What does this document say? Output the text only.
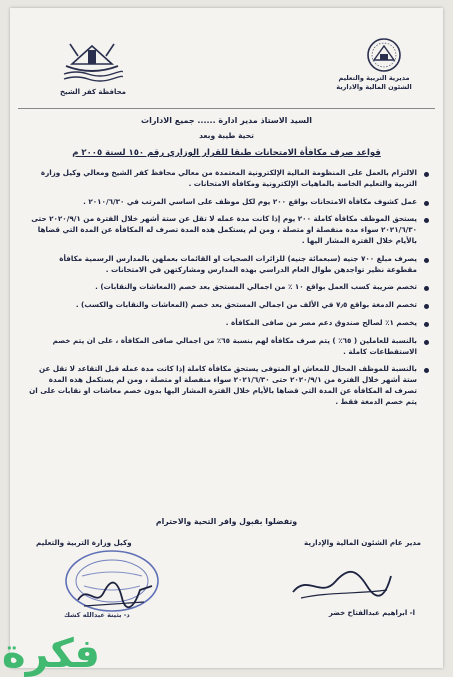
محافظة كفر الشيخ
مديرية التربية والتعليم
الشئون المالية والادارية
السيد الاستاذ مدير ادارة ...... جميع الادارات
تحية طيبة وبعد
قواعد صرف مكافأة الامتحانات طبقا للقرار الوزاري رقم ١٥٠ لسنة ٢٠٠٥ م
الالتزام بالعمل على المنظومة المالية الإلكترونية المعتمدة من معالي محافظ كفر الشيخ ومعالي وكيل وزارة التربية والتعليم الخاصة بالماهيات الإلكترونية ومكافأة الامتحانات .
عمل كشوف مكافأة الامتحانات بواقع ٢٠٠ يوم لكل موظف على اساسي المرتب في ٢٠١٠/٦/٣٠ .
يستحق الموظف مكافأة كاملة ٢٠٠ يوم إذا كانت مدة عمله لا تقل عن ستة أشهر خلال الفترة من ٢٠٢٠/٩/١ حتى ٢٠٢١/٦/٣٠ سواء مدة منفصلة او متصلة ، ومن لم يستكمل هذه المدة تصرف له المكافأة عن المدة التي قضاها بالأيام خلال الفترة المشار اليها .
يصرف مبلغ ٧٠٠ جنيه (سبعمائة جنيه) للزائرات الصحيات او القائمات بعملهن بالمدارس الرسمية مكافأة مقطوعة نظير تواجدهن طوال العام الدراسي بهذه المدارس ومشاركتهن في الامتحانات .
تخصم ضريبة كسب العمل بواقع ١٠ ٪ من اجمالي المستحق بعد خصم (المعاشات والنقابات) .
تخصم الدمغة بواقع ٧٫٥ في الألف من اجمالي المستحق بعد خصم (المعاشات والنقابات والكسب) .
يخصم ١٪ لصالح صندوق دعم مصر من صافى المكافأة .
بالنسبة للعاملين ( ٦٥٪ ) يتم صرف مكافأة لهم بنسبة ٦٥٪ من اجمالي صافى المكافأة ، على ان يتم خصم الاستقطاعات كاملة .
بالنسبة للموظف المحال للمعاش او المتوفى يستحق مكافأة كاملة إذا كانت مدة عمله قبل التقاعد لا تقل عن ستة أشهر خلال الفترة من ٢٠٢٠/٩/١ حتى ٢٠٢١/٦/٣٠ سواء منفصلة او متصلة ، ومن لم يستكمل هذه المدة تصرف له المكافأة عن المدة التي قضاها بالأيام خلال الفترة المشار اليها بدون خصم معاشات او نقابات على ان يتم خصم الدمغة فقط .
وتفضلوا بقبول وافر التحية والاحترام
مدير عام الشئون المالية والإدارية
وكيل وزارة التربية والتعليم
ا- ابراهيم عبدالفتاح خضر
د- بثينة عبدالله كشك
فكرة
